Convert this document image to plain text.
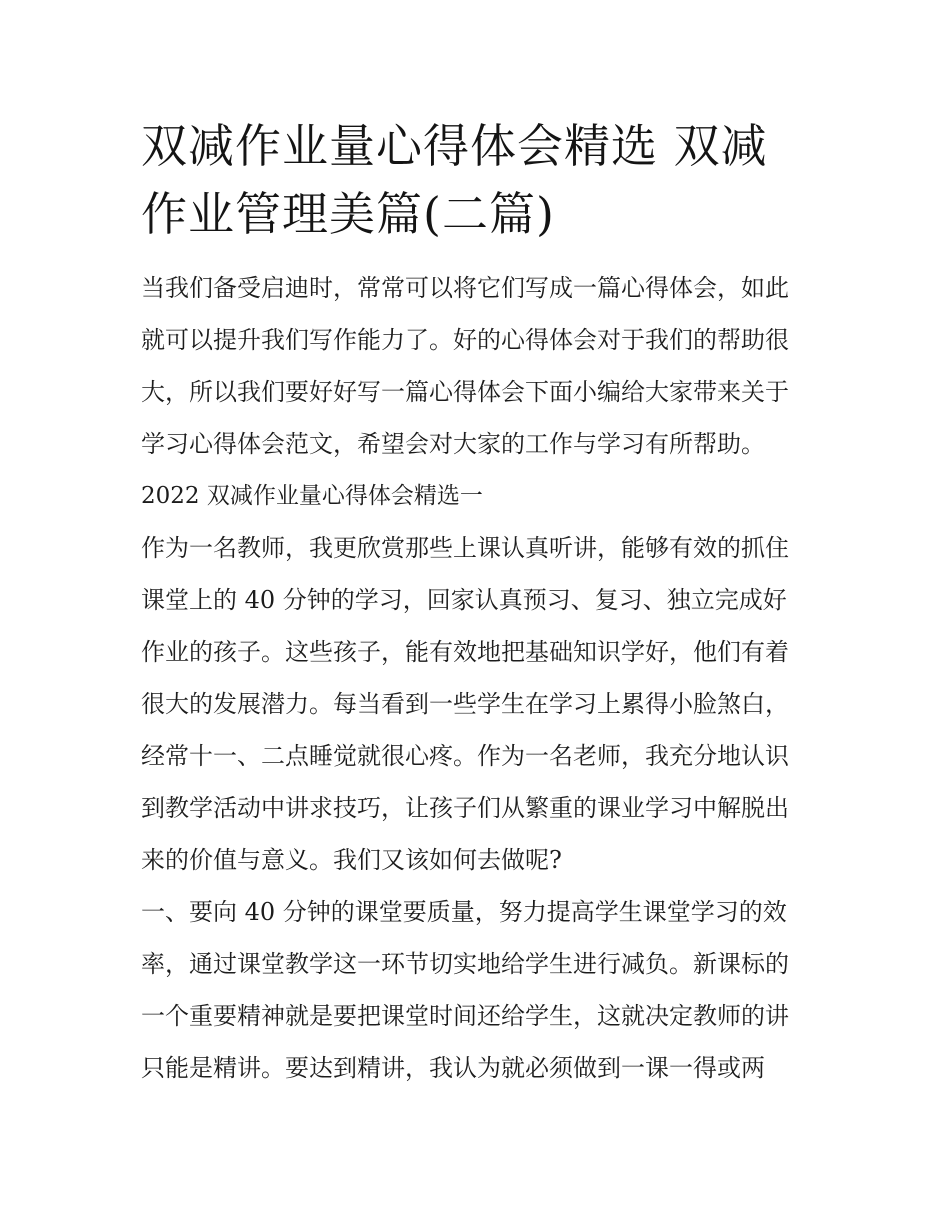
双减作业量心得体会精选 双减作业管理美篇(二篇)

当我们备受启迪时，常常可以将它们写成一篇心得体会，如此

就可以提升我们写作能力了。好的心得体会对于我们的帮助很

大，所以我们要好好写一篇心得体会下面小编给大家带来关于

学习心得体会范文，希望会对大家的工作与学习有所帮助。

2022 双减作业量心得体会精选一

作为一名教师，我更欣赏那些上课认真听讲，能够有效的抓住

课堂上的 40 分钟的学习，回家认真预习、复习、独立完成好

作业的孩子。这些孩子，能有效地把基础知识学好，他们有着

很大的发展潜力。每当看到一些学生在学习上累得小脸煞白，

经常十一、二点睡觉就很心疼。作为一名老师，我充分地认识

到教学活动中讲求技巧，让孩子们从繁重的课业学习中解脱出

来的价值与意义。我们又该如何去做呢?

一、要向 40 分钟的课堂要质量，努力提高学生课堂学习的效

率，通过课堂教学这一环节切实地给学生进行减负。新课标的

一个重要精神就是要把课堂时间还给学生，这就决定教师的讲

只能是精讲。要达到精讲，我认为就必须做到一课一得或两
